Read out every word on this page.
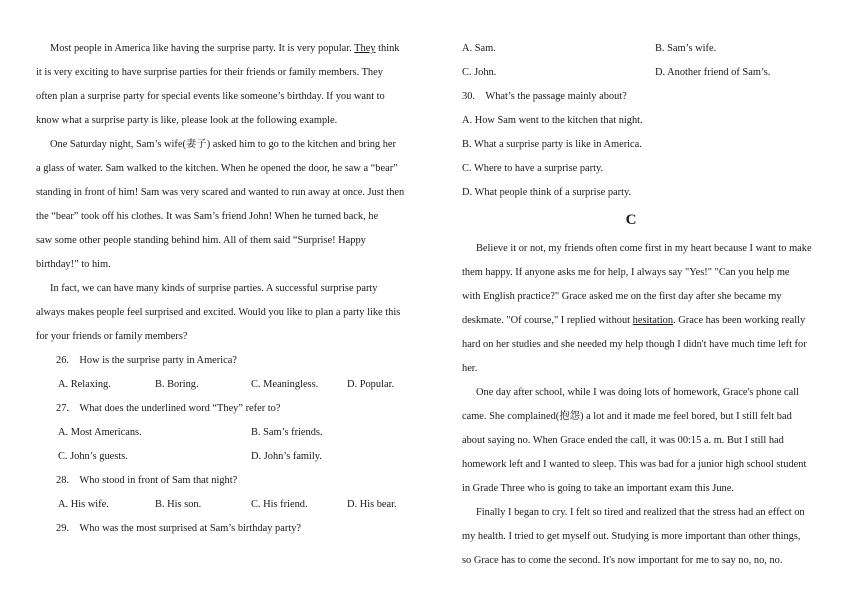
Most people in America like having the surprise party. It is very popular. They think
it is very exciting to have surprise parties for their friends or family members. They
often plan a surprise party for special events like someone’s birthday. If you want to
know what a surprise party is like, please look at the following example.
One Saturday night, Sam’s wife(妻子) asked him to go to the kitchen and bring her
a glass of water. Sam walked to the kitchen. When he opened the door, he saw a “bear”
standing in front of him! Sam was very scared and wanted to run away at once. Just then
the “bear” took off his clothes. It was Sam’s friend John! When he turned back, he
saw some other people standing behind him. All of them said “Surprise! Happy
birthday!” to him.
In fact, we can have many kinds of surprise parties. A successful surprise party
always makes people feel surprised and excited. Would you like to plan a party like this
for your friends or family members?
26. How is the surprise party in America?
A. Relaxing.	B. Boring.	C. Meaningless.	D. Popular.
27. What does the underlined word “They” refer to?
A. Most Americans.	B. Sam’s friends.
C. John’s guests.	D. John’s family.
28. Who stood in front of Sam that night?
A. His wife.	B. His son.	C. His friend.	D. His bear.
29. Who was the most surprised at Sam’s birthday party?
A. Sam.	B. Sam’s wife.
C. John.	D. Another friend of Sam’s.
30. What’s the passage mainly about?
A. How Sam went to the kitchen that night.
B. What a surprise party is like in America.
C. Where to have a surprise party.
D. What people think of a surprise party.
C
Believe it or not, my friends often come first in my heart because I want to make
them happy. If anyone asks me for help, I always say "Yes!" "Can you help me
with English practice?" Grace asked me on the first day after she became my
deskmate. "Of course," I replied without hesitation. Grace has been working really
hard on her studies and she needed my help though I didn't have much time left for
her.
One day after school, while I was doing lots of homework, Grace's phone call
came. She complained(抱怨) a lot and it made me feel bored, but I still felt bad
about saying no. When Grace ended the call, it was 00:15 a. m. But I still had
homework left and I wanted to sleep. This was bad for a junior high school student
in Grade Three who is going to take an important exam this June.
Finally I began to cry. I felt so tired and realized that the stress had an effect on
my health. I tried to get myself out. Studying is more important than other things,
so Grace has to come the second. It's now important for me to say no, no, no.
